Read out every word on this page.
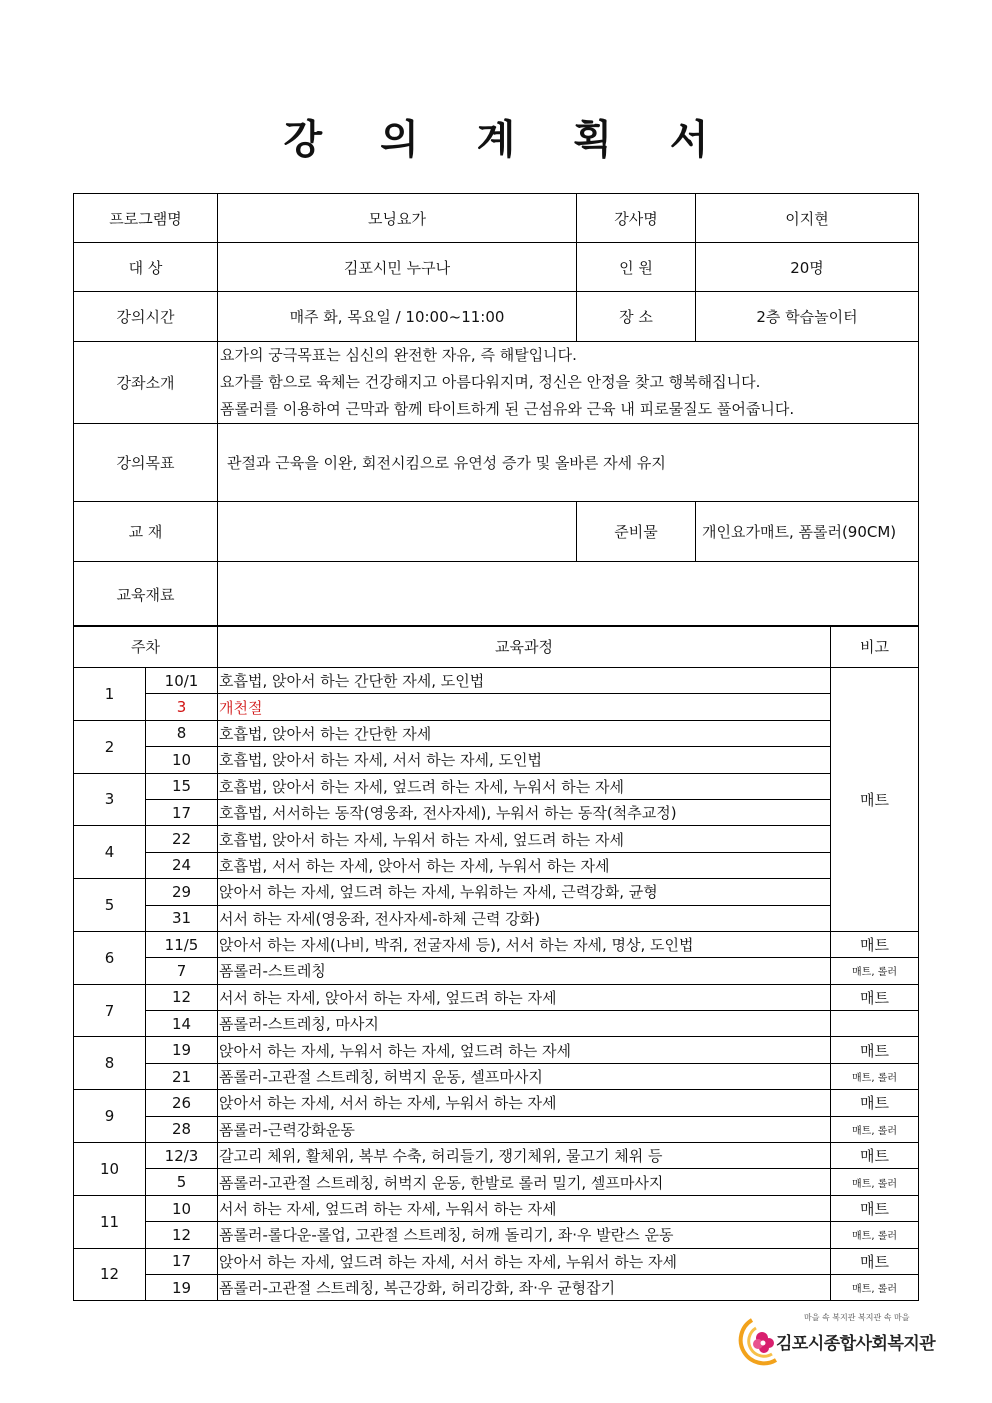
강 의 계 획 서
프로그램명	모닝요가	강사명	이지현
대 상	김포시민 누구나	인 원	20명
강의시간	매주 화, 목요일 / 10:00~11:00	장 소	2층 학습놀이터
강좌소개	요가의 궁극목표는 심신의 완전한 자유, 즉 해탈입니다.
요가를 함으로 육체는 건강해지고 아름다워지며, 정신은 안정을 찾고 행복해집니다.
폼롤러를 이용하여 근막과 함께 타이트하게 된 근섬유와 근육 내 피로물질도 풀어줍니다.		

강의목표	관절과 근육을 이완, 회전시킴으로 유연성 증가 및 올바른 자세 유지		
교 재		준비물	개인요가매트, 폼롤러(90CM)
교육재료			
주차		교육과정	비고
1	10/1	호흡법, 앉아서 하는 간단한 자세, 도인법	매트
	3	개천절	
2	8	호흡법, 앉아서 하는 간단한 자세	
	10	호흡법, 앉아서 하는 자세, 서서 하는 자세, 도인법	
3	15	호흡법, 앉아서 하는 자세, 엎드려 하는 자세, 누워서 하는 자세	
	17	호흡법, 서서하는 동작(영웅좌, 전사자세), 누워서 하는 동작(척추교정)	
4	22	호흡법, 앉아서 하는 자세, 누워서 하는 자세, 엎드려 하는 자세	
	24	호흡법, 서서 하는 자세, 앉아서 하는 자세, 누워서 하는 자세	
5	29	앉아서 하는 자세, 엎드려 하는 자세, 누워하는 자세, 근력강화, 균형	
	31	서서 하는 자세(영웅좌, 전사자세-하체 근력 강화)	
6	11/5	앉아서 하는 자세(나비, 박쥐, 전굴자세 등), 서서 하는 자세, 명상, 도인법	매트
	7	폼롤러-스트레칭	매트, 롤러
7	12	서서 하는 자세, 앉아서 하는 자세, 엎드려 하는 자세	매트
	14	폼롤러-스트레칭, 마사지	
8	19	앉아서 하는 자세, 누워서 하는 자세, 엎드려 하는 자세	매트
	21	폼롤러-고관절 스트레칭, 허벅지 운동, 셀프마사지	매트, 롤러
9	26	앉아서 하는 자세, 서서 하는 자세, 누워서 하는 자세	매트
	28	폼롤러-근력강화운동	매트, 롤러
10	12/3	갈고리 체위, 활체위, 복부 수축, 허리들기, 쟁기체위, 물고기 체위 등	매트
	5	폼롤러-고관절 스트레칭, 허벅지 운동, 한발로 롤러 밀기, 셀프마사지	매트, 롤러
11	10	서서 하는 자세, 엎드려 하는 자세, 누워서 하는 자세	매트
	12	폼롤러-롤다운-롤업, 고관절 스트레칭, 허깨 돌리기, 좌·우 발란스 운동	매트, 롤러
12	17	앉아서 하는 자세, 엎드려 하는 자세, 서서 하는 자세, 누워서 하는 자세	매트
	19	폼롤러-고관절 스트레칭, 복근강화, 허리강화, 좌·우 균형잡기	매트, 롤러
마을 속 복지관 복지관 속 마을
김포시종합사회복지관
